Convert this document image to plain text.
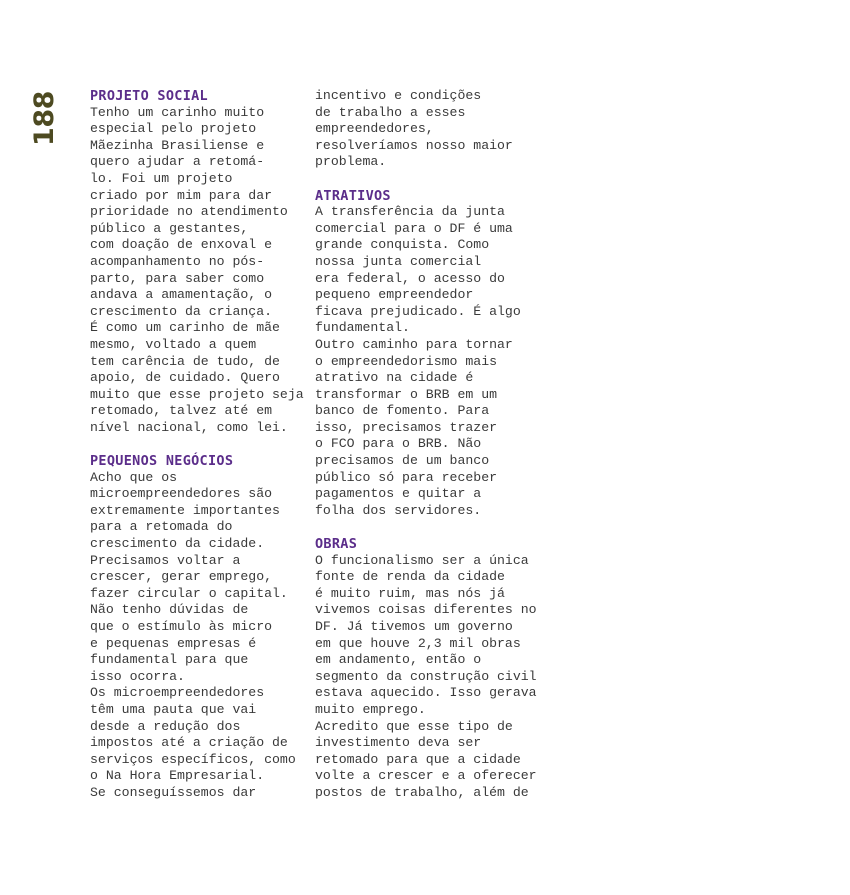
188 PROJETO SOCIAL
Tenho um carinho muito
especial pelo projeto
Mãezinha Brasiliense e
quero ajudar a retomá-
lo. Foi um projeto
criado por mim para dar
prioridade no atendimento
público a gestantes,
com doação de enxoval e
acompanhamento no pós-
parto, para saber como
andava a amamentação, o
crescimento da criança.
É como um carinho de mãe
mesmo, voltado a quem
tem carência de tudo, de
apoio, de cuidado. Quero
muito que esse projeto seja
retomado, talvez até em
nível nacional, como lei.
PEQUENOS NEGÓCIOS
Acho que os
microempreendedores são
extremamente importantes
para a retomada do
crescimento da cidade.
Precisamos voltar a
crescer, gerar emprego,
fazer circular o capital.
Não tenho dúvidas de
que o estímulo às micro
e pequenas empresas é
fundamental para que
isso ocorra.
Os microempreendedores
têm uma pauta que vai
desde a redução dos
impostos até a criação de
serviços específicos, como
o Na Hora Empresarial.
Se conseguíssemos dar
incentivo e condições
de trabalho a esses
empreendedores,
resolveríamos nosso maior
problema.
ATRATIVOS
A transferência da junta
comercial para o DF é uma
grande conquista. Como
nossa junta comercial
era federal, o acesso do
pequeno empreendedor
ficava prejudicado. É algo
fundamental.
Outro caminho para tornar
o empreendedorismo mais
atrativo na cidade é
transformar o BRB em um
banco de fomento. Para
isso, precisamos trazer
o FCO para o BRB. Não
precisamos de um banco
público só para receber
pagamentos e quitar a
folha dos servidores.
OBRAS
O funcionalismo ser a única
fonte de renda da cidade
é muito ruim, mas nós já
vivemos coisas diferentes no
DF. Já tivemos um governo
em que houve 2,3 mil obras
em andamento, então o
segmento da construção civil
estava aquecido. Isso gerava
muito emprego.
Acredito que esse tipo de
investimento deva ser
retomado para que a cidade
volte a crescer e a oferecer
postos de trabalho, além de
